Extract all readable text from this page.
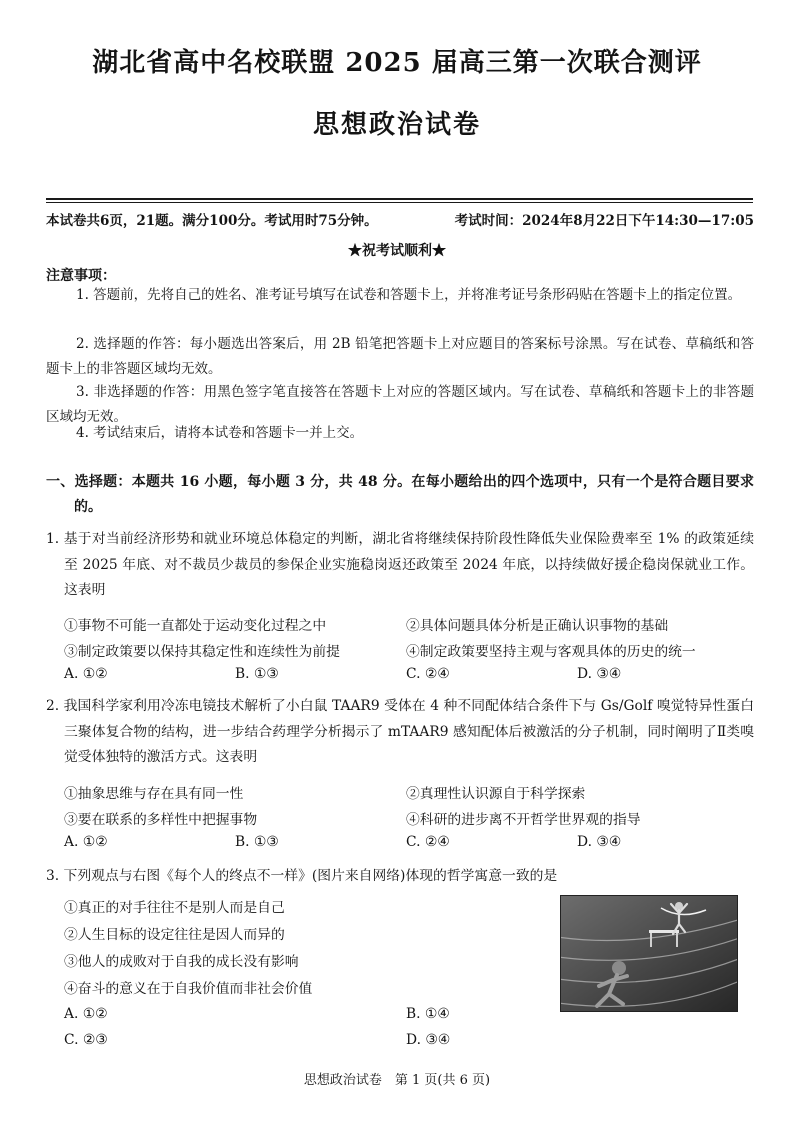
湖北省高中名校联盟 2025 届高三第一次联合测评
思想政治试卷
本试卷共6页，21题。满分100分。考试用时75分钟。	考试时间：2024年8月22日下午14:30—17:05
★祝考试顺利★
注意事项：
1. 答题前，先将自己的姓名、准考证号填写在试卷和答题卡上，并将准考证号条形码贴在答题卡上的指定位置。
2. 选择题的作答：每小题选出答案后，用 2B 铅笔把答题卡上对应题目的答案标号涂黑。写在试卷、草稿纸和答题卡上的非答题区域均无效。
3. 非选择题的作答：用黑色签字笔直接答在答题卡上对应的答题区域内。写在试卷、草稿纸和答题卡上的非答题区域均无效。
4. 考试结束后，请将本试卷和答题卡一并上交。
一、选择题：本题共 16 小题，每小题 3 分，共 48 分。在每小题给出的四个选项中，只有一个是符合题目要求的。
1. 基于对当前经济形势和就业环境总体稳定的判断，湖北省将继续保持阶段性降低失业保险费率至 1% 的政策延续至 2025 年底、对不裁员少裁员的参保企业实施稳岗返还政策至 2024 年底，以持续做好援企稳岗保就业工作。这表明
①事物不可能一直都处于运动变化过程之中	②具体问题具体分析是正确认识事物的基础
③制定政策要以保持其稳定性和连续性为前提	④制定政策要坚持主观与客观具体的历史的统一
A. ①②	B. ①③	C. ②④	D. ③④
2. 我国科学家利用冷冻电镜技术解析了小白鼠 TAAR9 受体在 4 种不同配体结合条件下与 Gs/Golf 嗅觉特异性蛋白三聚体复合物的结构，进一步结合药理学分析揭示了 mTAAR9 感知配体后被激活的分子机制，同时阐明了Ⅱ类嗅觉受体独特的激活方式。这表明
①抽象思维与存在具有同一性	②真理性认识源自于科学探索
③要在联系的多样性中把握事物	④科研的进步离不开哲学世界观的指导
A. ①②	B. ①③	C. ②④	D. ③④
3. 下列观点与右图《每个人的终点不一样》(图片来自网络)体现的哲学寓意一致的是
①真正的对手往往不是别人而是自己
②人生目标的设定往往是因人而异的
③他人的成败对于自我的成长没有影响
④奋斗的意义在于自我价值而非社会价值
A. ①②	B. ①④
C. ②③	D. ③④
思想政治试卷　第 1 页(共 6 页)
